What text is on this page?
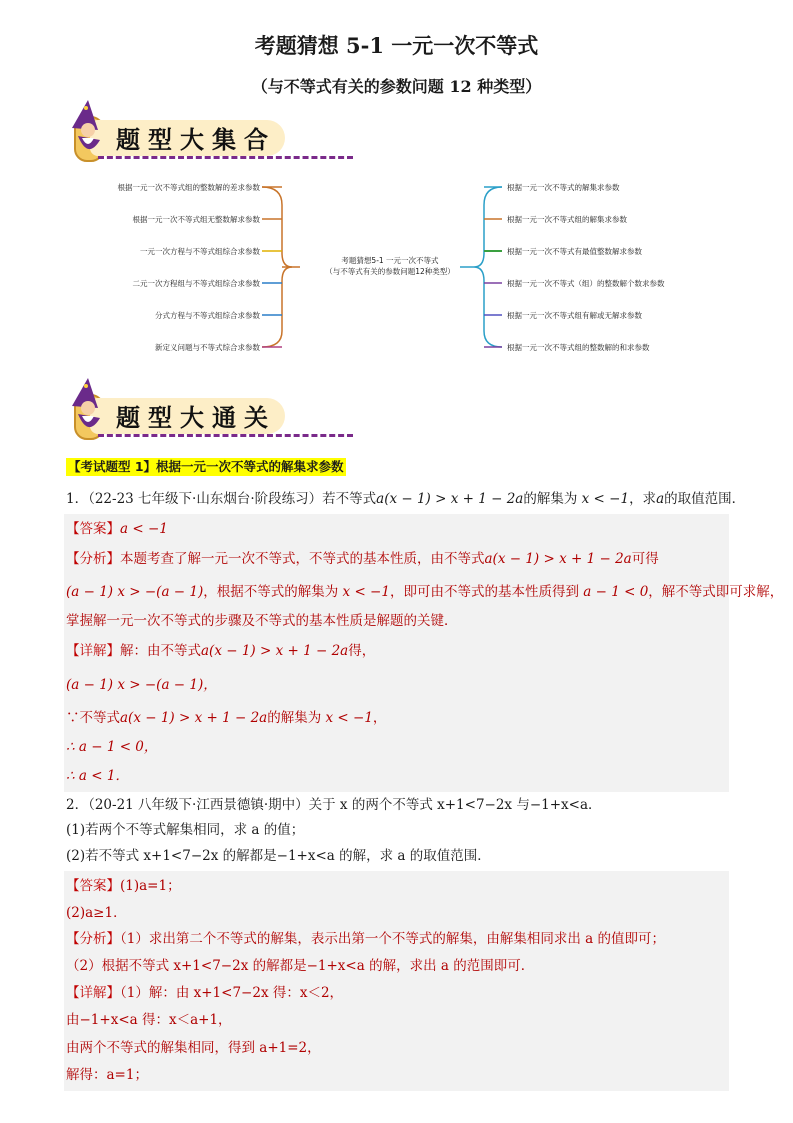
考题猜想 5-1 一元一次不等式
（与不等式有关的参数问题 12 种类型）
题型大集合
根据一元一次不等式组的整数解的差求参数
根据一元一次不等式组无整数解求参数
一元一次方程与不等式组综合求参数
二元一次方程组与不等式组综合求参数
分式方程与不等式组综合求参数
新定义问题与不等式综合求参数
考题猜想5-1 一元一次不等式
（与不等式有关的参数问题12种类型）
根据一元一次不等式的解集求参数
根据一元一次不等式组的解集求参数
根据一元一次不等式有最值整数解求参数
根据一元一次不等式（组）的整数解个数求参数
根据一元一次不等式组有解或无解求参数
根据一元一次不等式组的整数解的和求参数
题型大通关
【考试题型 1】根据一元一次不等式的解集求参数
1．（22-23 七年级下·山东烟台·阶段练习）若不等式a(x − 1) > x + 1 − 2a的解集为 x < −1，求a的取值范围．
【答案】a < −1
【分析】本题考查了解一元一次不等式，不等式的基本性质，由不等式a(x − 1) > x + 1 − 2a可得
(a − 1) x > −(a − 1)，根据不等式的解集为 x < −1，即可由不等式的基本性质得到 a − 1 < 0，解不等式即可求解，
掌握解一元一次不等式的步骤及不等式的基本性质是解题的关键．
【详解】解：由不等式a(x − 1) > x + 1 − 2a得，
(a − 1) x > −(a − 1)，
∵不等式a(x − 1) > x + 1 − 2a的解集为 x < −1，
∴ a − 1 < 0，
∴ a < 1．
2．（20-21 八年级下·江西景德镇·期中）关于 x 的两个不等式 x+1<7−2x 与−1+x<a．
(1)若两个不等式解集相同，求 a 的值；
(2)若不等式 x+1<7−2x 的解都是−1+x<a 的解，求 a 的取值范围．
【答案】(1)a=1；
(2)a≥1．
【分析】（1）求出第二个不等式的解集，表示出第一个不等式的解集，由解集相同求出 a 的值即可；
（2）根据不等式 x+1<7−2x 的解都是−1+x<a 的解，求出 a 的范围即可．
【详解】（1）解：由 x+1<7−2x 得：x＜2，
由−1+x<a 得：x＜a+1，
由两个不等式的解集相同，得到 a+1=2，
解得：a=1；
